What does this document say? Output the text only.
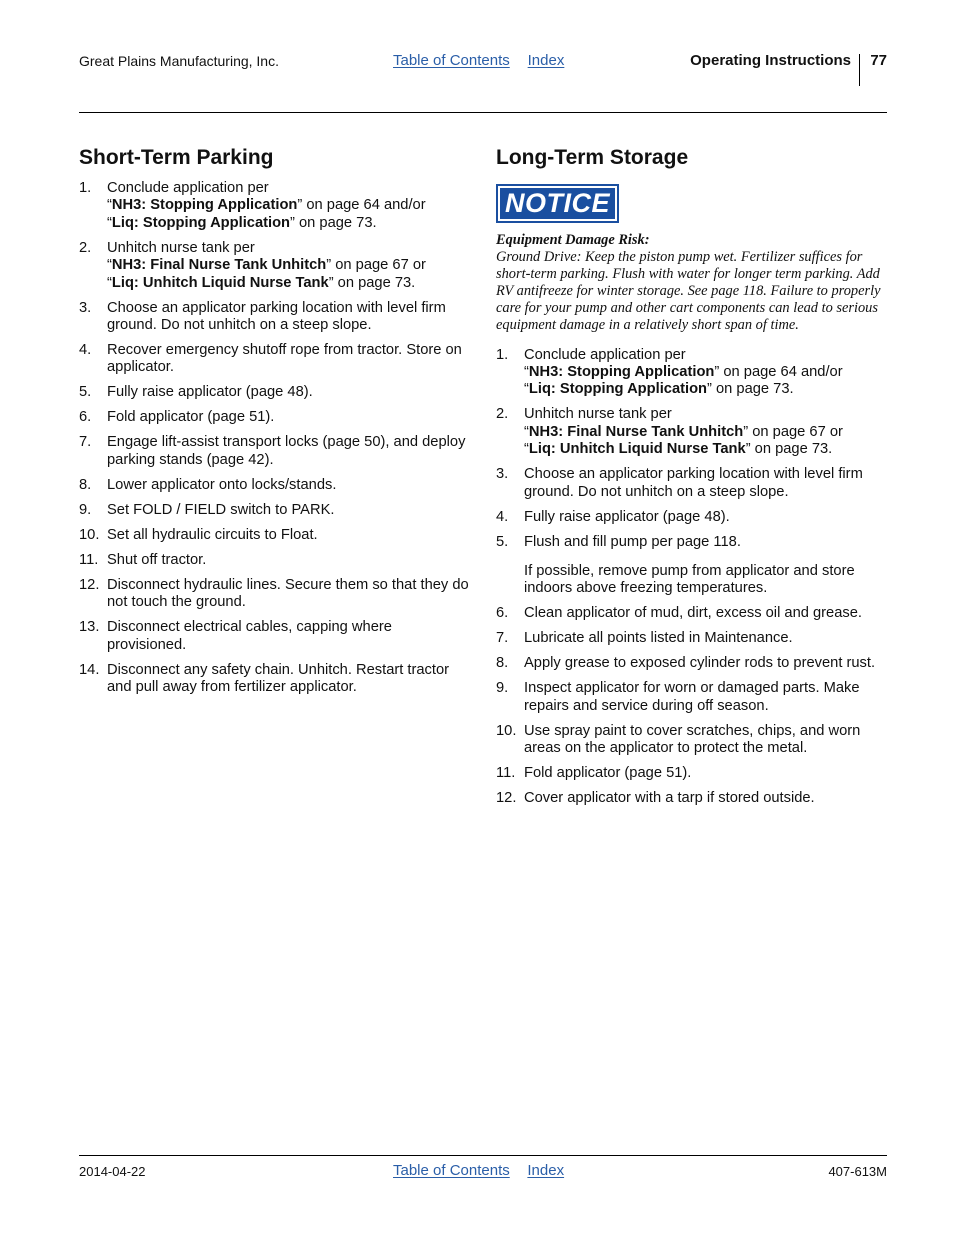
Great Plains Manufacturing, Inc.	Table of Contents Index	Operating Instructions 77
Short-Term Parking
1. Conclude application per
“NH3: Stopping Application” on page 64 and/or
“Liq: Stopping Application” on page 73.
2. Unhitch nurse tank per
“NH3: Final Nurse Tank Unhitch” on page 67 or
“Liq: Unhitch Liquid Nurse Tank” on page 73.
3. Choose an applicator parking location with level firm ground. Do not unhitch on a steep slope.
4. Recover emergency shutoff rope from tractor. Store on applicator.
5. Fully raise applicator (page 48).
6. Fold applicator (page 51).
7. Engage lift-assist transport locks (page 50), and deploy parking stands (page 42).
8. Lower applicator onto locks/stands.
9. Set FOLD / FIELD switch to PARK.
10. Set all hydraulic circuits to Float.
11. Shut off tractor.
12. Disconnect hydraulic lines. Secure them so that they do not touch the ground.
13. Disconnect electrical cables, capping where provisioned.
14. Disconnect any safety chain. Unhitch. Restart tractor and pull away from fertilizer applicator.
Long-Term Storage
NOTICE
Equipment Damage Risk:
Ground Drive: Keep the piston pump wet. Fertilizer suffices for short-term parking. Flush with water for longer term parking. Add RV antifreeze for winter storage. See page 118. Failure to properly care for your pump and other cart components can lead to serious equipment damage in a relatively short span of time.
1. Conclude application per
“NH3: Stopping Application” on page 64 and/or
“Liq: Stopping Application” on page 73.
2. Unhitch nurse tank per
“NH3: Final Nurse Tank Unhitch” on page 67 or
“Liq: Unhitch Liquid Nurse Tank” on page 73.
3. Choose an applicator parking location with level firm ground. Do not unhitch on a steep slope.
4. Fully raise applicator (page 48).
5. Flush and fill pump per page 118.
If possible, remove pump from applicator and store indoors above freezing temperatures.
6. Clean applicator of mud, dirt, excess oil and grease.
7. Lubricate all points listed in Maintenance.
8. Apply grease to exposed cylinder rods to prevent rust.
9. Inspect applicator for worn or damaged parts. Make repairs and service during off season.
10. Use spray paint to cover scratches, chips, and worn areas on the applicator to protect the metal.
11. Fold applicator (page 51).
12. Cover applicator with a tarp if stored outside.
2014-04-22	Table of Contents Index	407-613M
